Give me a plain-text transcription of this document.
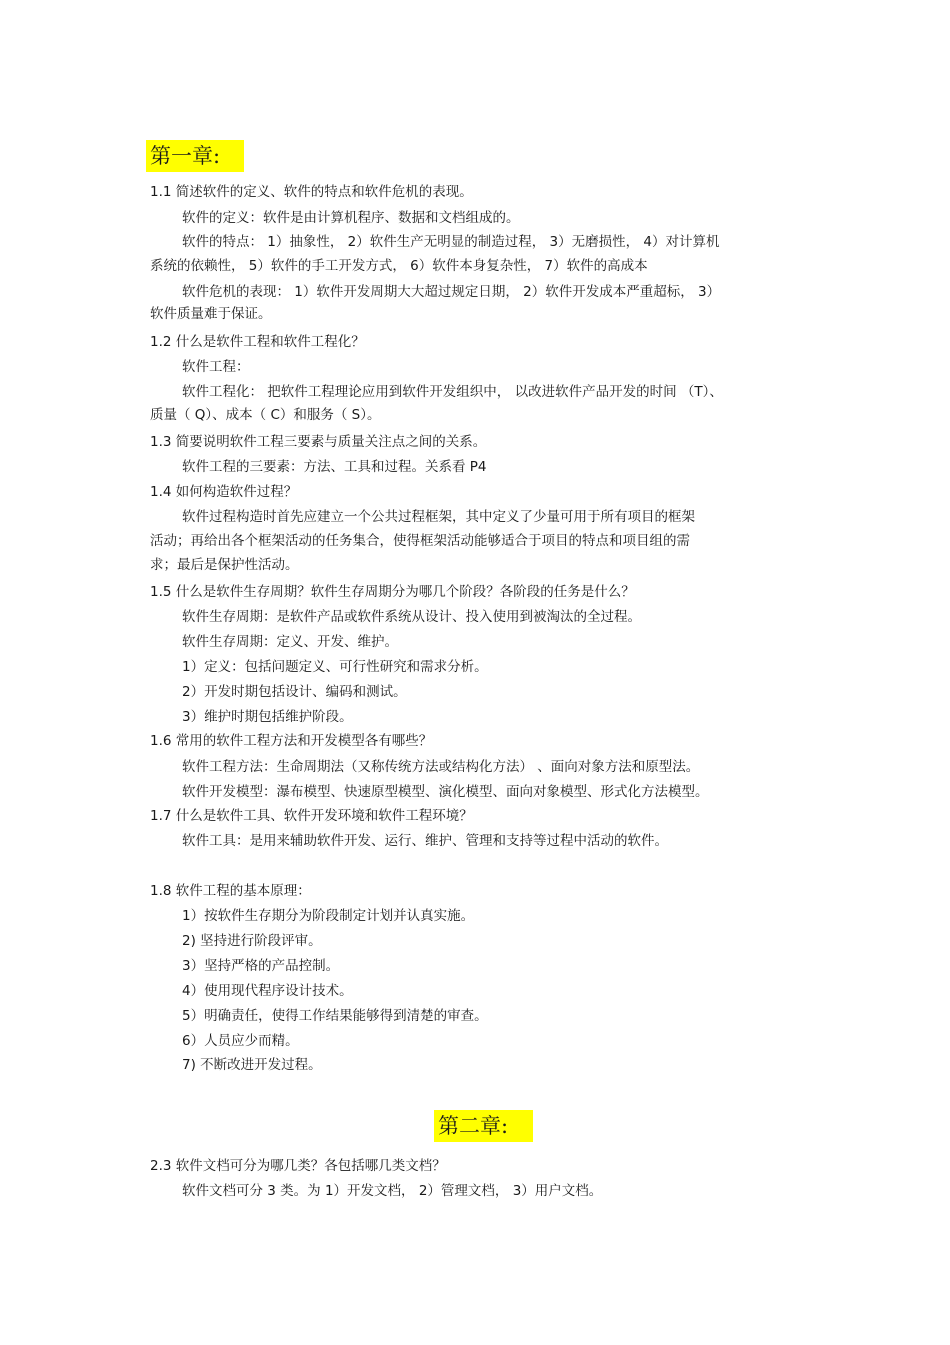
第一章:
1.1 简述软件的定义、软件的特点和软件危机的表现。
软件的定义：软件是由计算机程序、数据和文档组成的。
软件的特点： 1）抽象性， 2）软件生产无明显的制造过程， 3）无磨损性， 4）对计算机
系统的依赖性， 5）软件的手工开发方式， 6）软件本身复杂性， 7）软件的高成本
软件危机的表现： 1）软件开发周期大大超过规定日期， 2）软件开发成本严重超标， 3）
软件质量难于保证。
1.2 什么是软件工程和软件工程化？
软件工程：
软件工程化： 把软件工程理论应用到软件开发组织中， 以改进软件产品开发的时间 （T）、
质量（ Q）、成本（ C）和服务（ S）。
1.3 简要说明软件工程三要素与质量关注点之间的关系。
软件工程的三要素：方法、工具和过程。关系看 P4
1.4 如何构造软件过程？
软件过程构造时首先应建立一个公共过程框架，其中定义了少量可用于所有项目的框架
活动；再给出各个框架活动的任务集合，使得框架活动能够适合于项目的特点和项目组的需
求；最后是保护性活动。
1.5 什么是软件生存周期？软件生存周期分为哪几个阶段？各阶段的任务是什么？
软件生存周期：是软件产品或软件系统从设计、投入使用到被淘汰的全过程。
软件生存周期：定义、开发、维护。
1）定义：包括问题定义、可行性研究和需求分析。
2）开发时期包括设计、编码和测试。
3）维护时期包括维护阶段。
1.6 常用的软件工程方法和开发模型各有哪些？
软件工程方法：生命周期法（又称传统方法或结构化方法） 、面向对象方法和原型法。
软件开发模型：瀑布模型、快速原型模型、演化模型、面向对象模型、形式化方法模型。
1.7 什么是软件工具、软件开发环境和软件工程环境？
软件工具：是用来辅助软件开发、运行、维护、管理和支持等过程中活动的软件。
1.8 软件工程的基本原理：
1）按软件生存期分为阶段制定计划并认真实施。
2) 坚持进行阶段评审。
3）坚持严格的产品控制。
4）使用现代程序设计技术。
5）明确责任，使得工作结果能够得到清楚的审查。
6）人员应少而精。
7) 不断改进开发过程。
第二章:
2.3 软件文档可分为哪几类？各包括哪几类文档？
软件文档可分 3 类。为 1）开发文档， 2）管理文档， 3）用户文档。
